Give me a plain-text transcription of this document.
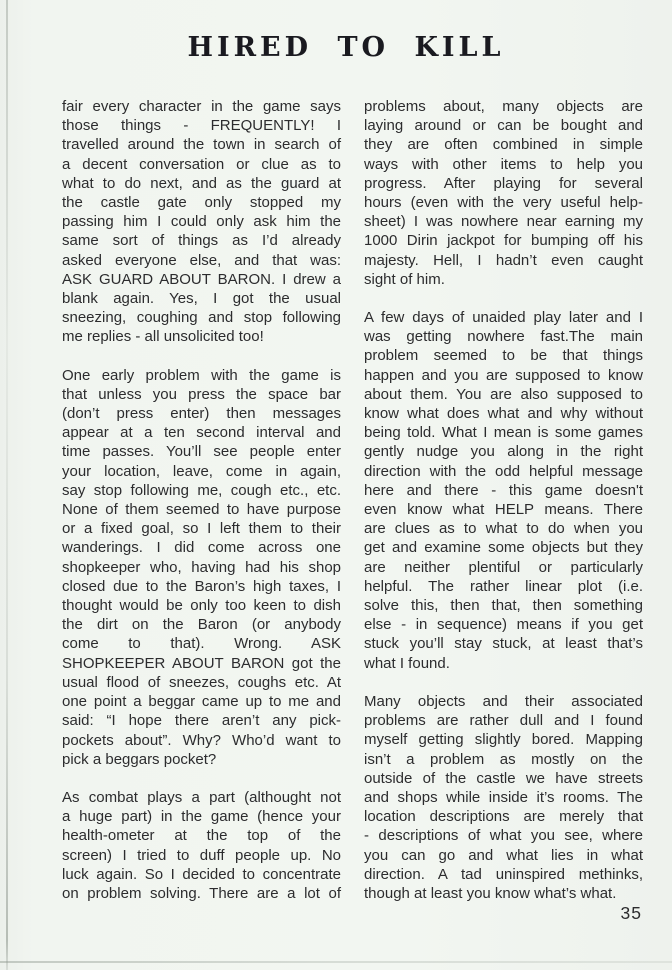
HIRED TO KILL
fair every character in the game says
those things - FREQUENTLY! I
travelled around the town in search of
a decent conversation or clue as to
what to do next, and as the guard at
the castle gate only stopped my
passing him I could only ask him the
same sort of things as I’d already
asked everyone else, and that was:
ASK GUARD ABOUT BARON. I drew a
blank again. Yes, I got the usual
sneezing, coughing and stop following
me replies - all unsolicited too!
One early problem with the game is
that unless you press the space bar
(don’t press enter) then messages
appear at a ten second interval and
time passes. You’ll see people enter
your location, leave, come in again,
say stop following me, cough etc., etc.
None of them seemed to have purpose
or a fixed goal, so I left them to their
wanderings. I did come across one
shopkeeper who, having had his shop
closed due to the Baron’s high taxes, I
thought would be only too keen to dish
the dirt on the Baron (or anybody
come to that). Wrong. ASK
SHOPKEEPER ABOUT BARON got the
usual flood of sneezes, coughs etc. At
one point a beggar came up to me and
said: “I hope there aren’t any pick-
pockets about”. Why? Who’d want to
pick a beggars pocket?
As combat plays a part (althought not
a huge part) in the game (hence your
health-ometer at the top of the
screen) I tried to duff people up. No
luck again. So I decided to concentrate
on problem solving. There are a lot of
problems about, many objects are
laying around or can be bought and
they are often combined in simple
ways with other items to help you
progress. After playing for several
hours (even with the very useful help-
sheet) I was nowhere near earning my
1000 Dirin jackpot for bumping off his
majesty. Hell, I hadn’t even caught
sight of him.
A few days of unaided play later and I
was getting nowhere fast.The main
problem seemed to be that things
happen and you are supposed to know
about them. You are also supposed to
know what does what and why without
being told. What I mean is some games
gently nudge you along in the right
direction with the odd helpful message
here and there - this game doesn't
even know what HELP means. There
are clues as to what to do when you
get and examine some objects but they
are neither plentiful or particularly
helpful. The rather linear plot (i.e.
solve this, then that, then something
else - in sequence) means if you get
stuck you’ll stay stuck, at least that’s
what I found.
Many objects and their associated
problems are rather dull and I found
myself getting slightly bored. Mapping
isn’t a problem as mostly on the
outside of the castle we have streets
and shops while inside it’s rooms. The
location descriptions are merely that
- descriptions of what you see, where
you can go and what lies in what
direction. A tad uninspired methinks,
though at least you know what’s what.
35
